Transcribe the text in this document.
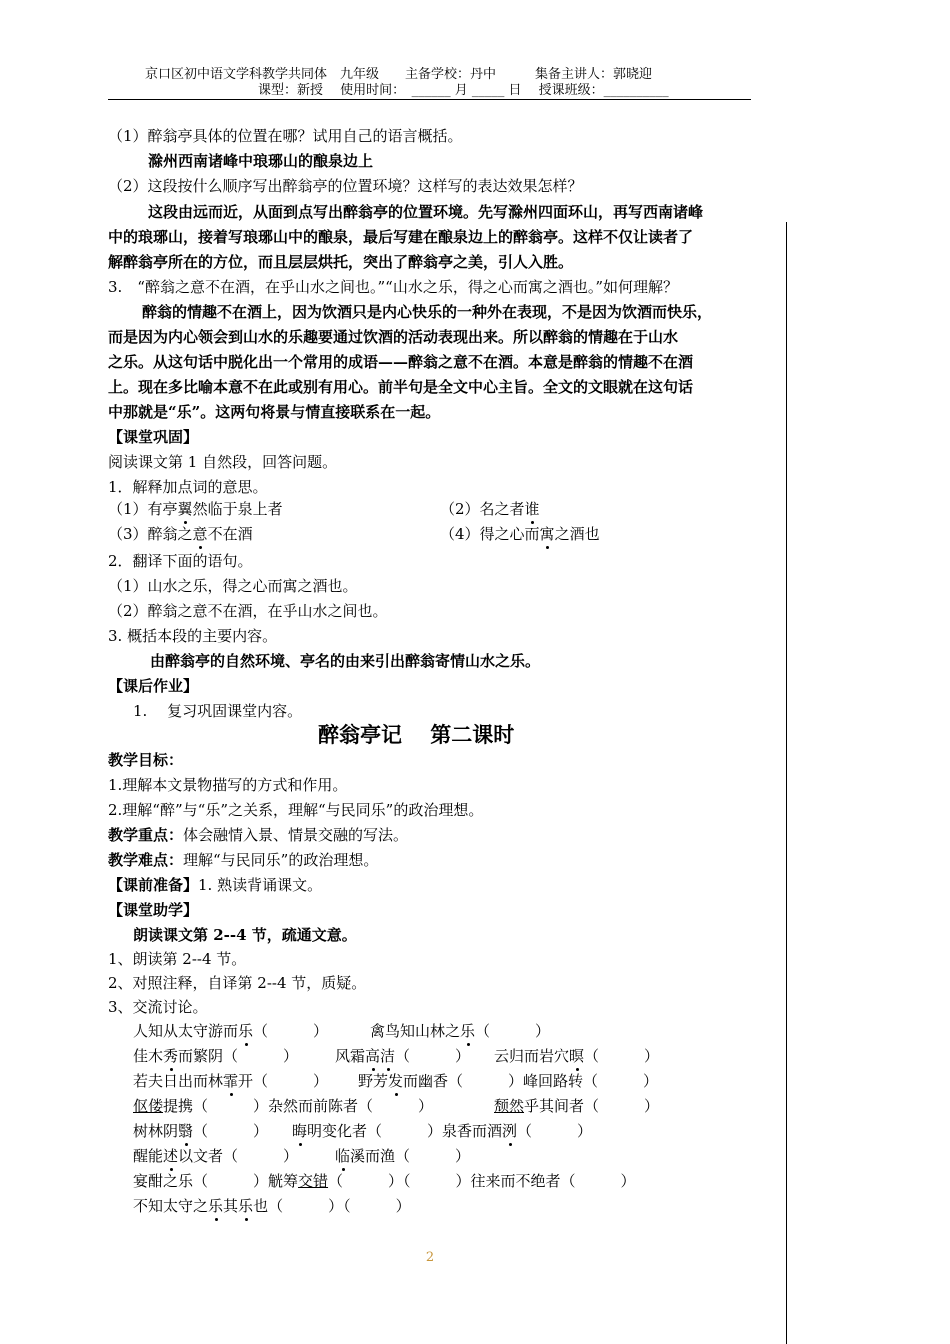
京口区初中语文学科教学共同体　九年级　　主备学校：丹中　　　集备主讲人：郭晓迎
课型：新授　 使用时间：　______ 月 _____ 日　 授课班级：__________
（1）醉翁亭具体的位置在哪？试用自己的语言概括。
滁州西南诸峰中琅琊山的酿泉边上
（2）这段按什么顺序写出醉翁亭的位置环境？这样写的表达效果怎样？
这段由远而近，从面到点写出醉翁亭的位置环境。先写滁州四面环山，再写西南诸峰
中的琅琊山，接着写琅琊山中的酿泉，最后写建在酿泉边上的醉翁亭。这样不仅让读者了
解醉翁亭所在的方位，而且层层烘托，突出了醉翁亭之美，引人入胜。
3.　“醉翁之意不在酒，在乎山水之间也。”“山水之乐，得之心而寓之酒也。”如何理解？
醉翁的情趣不在酒上，因为饮酒只是内心快乐的一种外在表现，不是因为饮酒而快乐，
而是因为内心领会到山水的乐趣要通过饮酒的活动表现出来。所以醉翁的情趣在于山水
之乐。从这句话中脱化出一个常用的成语——醉翁之意不在酒。本意是醉翁的情趣不在酒
上。现在多比喻本意不在此或别有用心。前半句是全文中心主旨。全文的文眼就在这句话
中那就是“乐”。这两句将景与情直接联系在一起。
【课堂巩固】
阅读课文第 1 自然段，回答问题。
1．解释加点词的意思。
（1）有亭翼然临于泉上者	（2）名之者谁
（3）醉翁之意不在酒	（4）得之心而寓之酒也
2．翻译下面的语句。
（1）山水之乐，得之心而寓之酒也。
（2）醉翁之意不在酒，在乎山水之间也。
3. 概括本段的主要内容。
由醉翁亭的自然环境、亭名的由来引出醉翁寄情山水之乐。
【课后作业】
1.　 复习巩固课堂内容。
醉翁亭记　 第二课时
教学目标：
1.理解本文景物描写的方式和作用。
2.理解“醉”与“乐”之关系，理解“与民同乐”的政治理想。
教学重点：体会融情入景、情景交融的写法。
教学难点：理解“与民同乐”的政治理想。
【课前准备】1. 熟读背诵课文。
【课堂助学】
朗读课文第 2--4 节，疏通文意。
1、朗读第 2--4 节。
2、对照注释，自译第 2--4 节，质疑。
3、交流讨论。
人知从太守游而乐（　　　）	禽鸟知山林之乐（　　　）
佳木秀而繁阴（　　　） 风霜高洁（　　　） 云归而岩穴暝（　　　）
若夫日出而林霏开（　　　） 野芳发而幽香（　　　）峰回路转（　　　）
伛偻提携（　　　）杂然而前陈者（　　　）	颓然乎其间者（　　　）
树林阴翳（　　　） 晦明变化者（　　　）泉香而酒洌（　　　）
醒能述以文者（　　　） 临溪而渔（　　　）
宴酣之乐（　　　）觥筹交错（　　　）（　　　）往来而不绝者（　　　）
不知太守之乐其乐也（　　　）（　　　）
2
